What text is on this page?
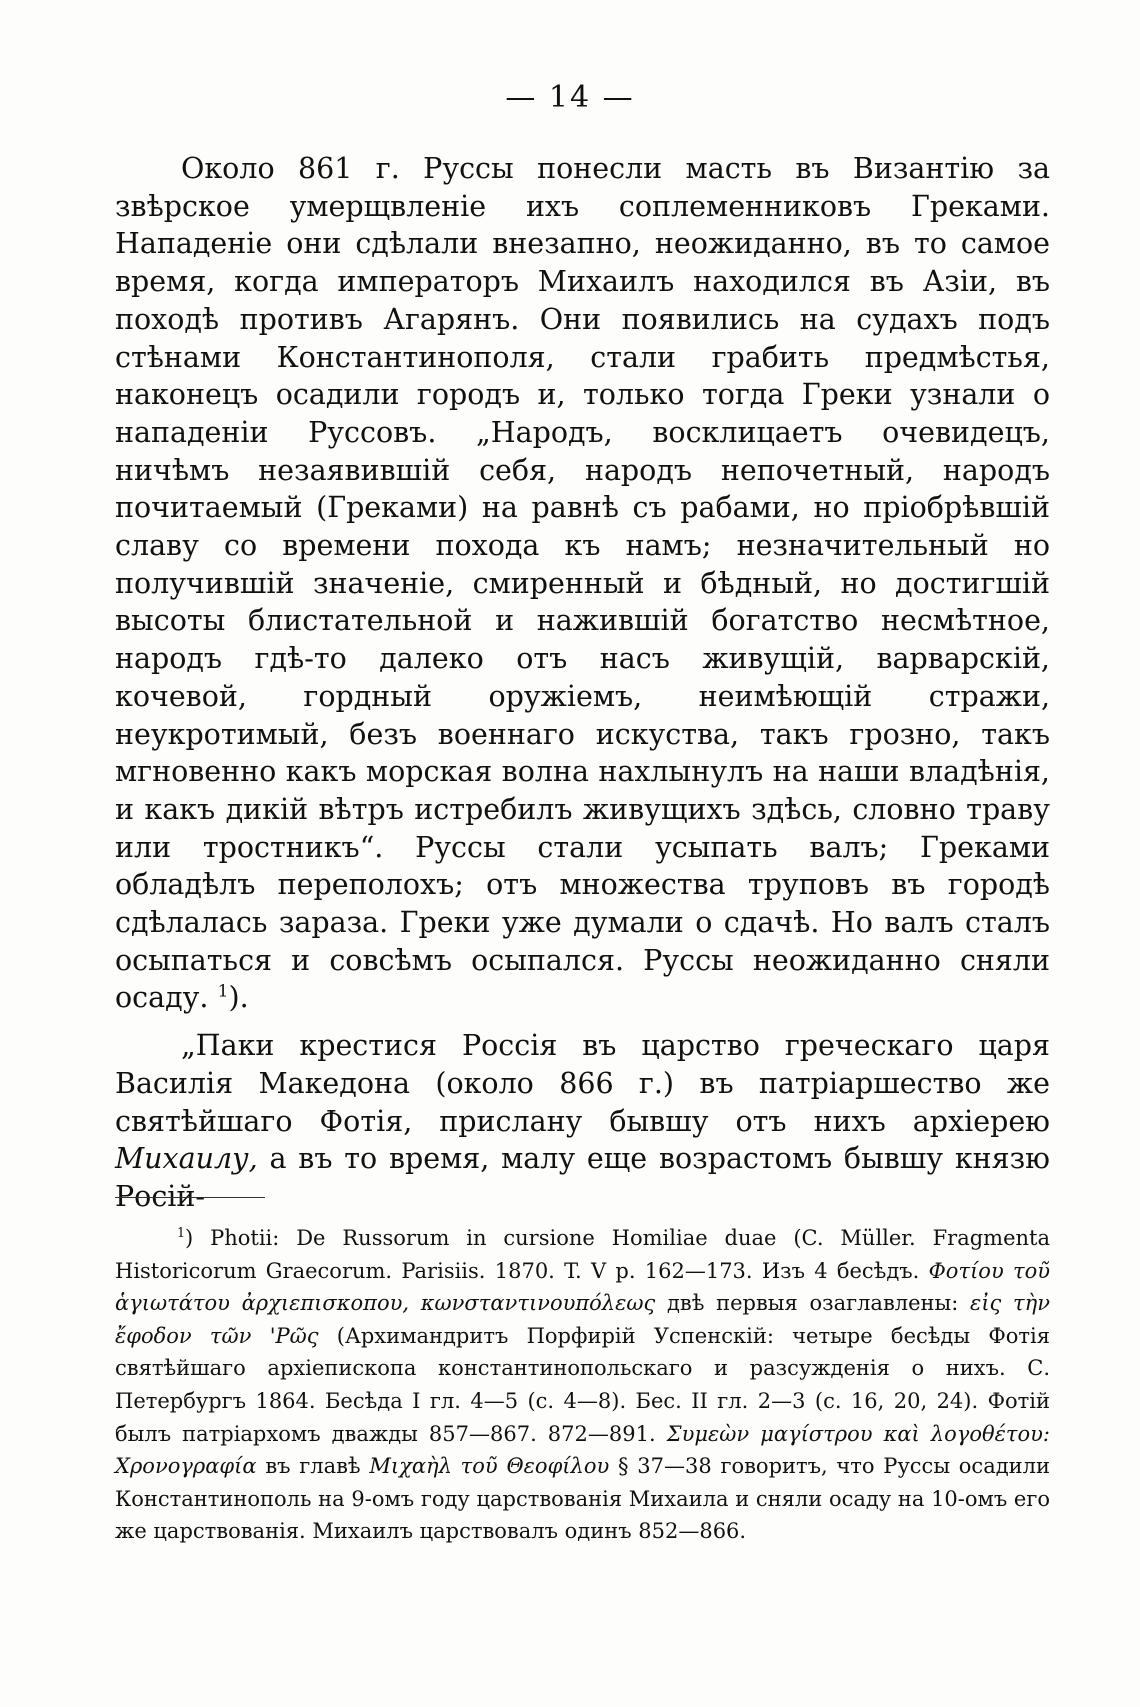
— 14 —

Около 861 г. Руссы понесли масть въ Византію за звѣрское умерщвленіе ихъ соплеменниковъ Греками. Нападеніе они сдѣлали внезапно, неожиданно, въ то самое время, когда императоръ Михаилъ находился въ Азіи, въ походѣ противъ Агарянъ. Они появились на судахъ подъ стѣнами Константинополя, стали грабить предмѣстья, наконецъ осадили городъ и, только тогда Греки узнали о нападеніи Руссовъ. „Народъ, восклицаетъ очевидецъ, ничѣмъ незаявившій себя, народъ непочетный, народъ почитаемый (Греками) на равнѣ съ рабами, но пріобрѣвшій славу со времени похода къ намъ; незначительный но получившій значеніе, смиренный и бѣдный, но достигшій высоты блистательной и нажившій богатство несмѣтное, народъ гдѣ-то далеко отъ насъ живущій, варварскій, кочевой, гордный оружіемъ, неимѣющій стражи, неукротимый, безъ военнаго искуства, такъ грозно, такъ мгновенно какъ морская волна нахлынулъ на наши владѣнія, и какъ дикій вѣтръ истребилъ живущихъ здѣсь, словно траву или тростникъ“. Руссы стали усыпать валъ; Греками обладѣлъ переполохъ; отъ множества труповъ въ городѣ сдѣлалась зараза. Греки уже думали о сдачѣ. Но валъ сталъ осыпаться и совсѣмъ осыпался. Руссы неожиданно сняли осаду. $^1$).

„Паки крестися Россія въ царство греческаго царя Василія Македона (около 866 г.) въ патріаршество же святѣйшаго Фотія, прислану бывшу отъ нихъ архіерею Михаилу, а въ то время, малу еще возрастомъ бывшу князю Росій-

$^1$) Photii: De Russorum in cursione Homiliae duae (C. Müller. Fragmenta Historicorum Graecorum. Parisiis. 1870. T. V p. 162—173. Изъ 4 бесѣдъ. Φοτίου τοῦ ἁγιωτάτου ἀρχιεπισκοπου, κωνσταντινουπόλεως двѣ первыя озаглавлены: εἰς τὴν ἔφοδον τῶν 'Ρῶς (Архимандритъ Порфирій Успенскій: четыре бесѣды Фотія святѣйшаго архіепископа константинопольскаго и разсужденія о нихъ. С. Петербургъ 1864. Бесѣда I гл. 4—5 (с. 4—8). Бес. II гл. 2—3 (с. 16, 20, 24). Фотій былъ патріархомъ дважды 857—867. 872—891. Συμεὼν μαγίστρου καὶ λογοθέτου: Χρονογραφία въ главѣ Μιχαὴλ τοῦ Θεοφίλου § 37—38 говоритъ, что Руссы осадили Константинополь на 9-омъ году царствованія Михаила и сняли осаду на 10-омъ его же царствованія. Михаилъ царствовалъ одинъ 852—866.
